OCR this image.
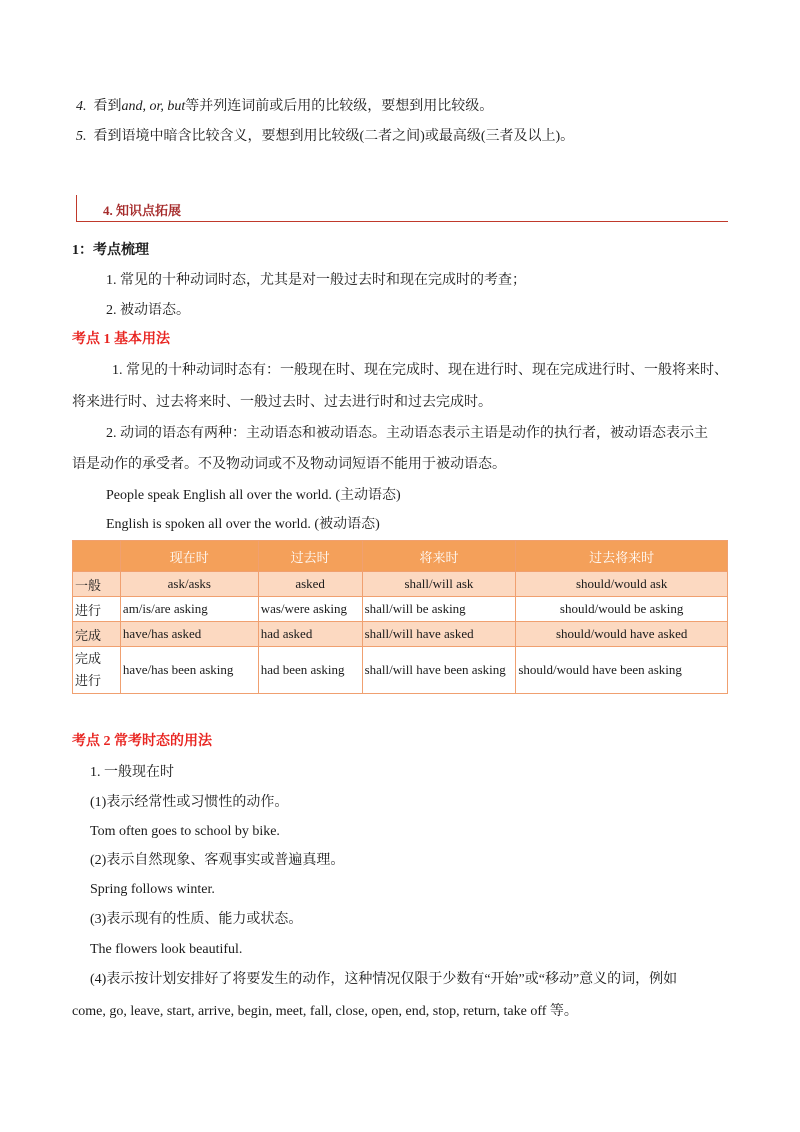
4. 看到and, or, but等并列连词前或后用的比较级，要想到用比较级。
5. 看到语境中暗含比较含义，要想到用比较级(二者之间)或最高级(三者及以上)。
4. 知识点拓展
1：考点梳理
1. 常见的十种动词时态，尤其是对一般过去时和现在完成时的考查；
2. 被动语态。
考点 1 基本用法
1. 常见的十种动词时态有：一般现在时、现在完成时、现在进行时、现在完成进行时、一般将来时、
将来进行时、过去将来时、一般过去时、过去进行时和过去完成时。
2. 动词的语态有两种：主动语态和被动语态。主动语态表示主语是动作的执行者，被动语态表示主
语是动作的承受者。不及物动词或不及物动词短语不能用于被动语态。
People speak English all over the world. (主动语态)
English is spoken all over the world. (被动语态)
	现在时	过去时	将来时	过去将来时
一般	ask/asks	asked	shall/will ask	should/would ask
进行	am/is/are asking	was/were asking	shall/will be asking	should/would be asking
完成	have/has asked	had asked	shall/will have asked	should/would have asked
完成
进行	have/has been asking	had been asking	shall/will have been asking	should/would have been asking
考点 2 常考时态的用法
1. 一般现在时
(1)表示经常性或习惯性的动作。
Tom often goes to school by bike.
(2)表示自然现象、客观事实或普遍真理。
Spring follows winter.
(3)表示现有的性质、能力或状态。
The flowers look beautiful.
(4)表示按计划安排好了将要发生的动作，这种情况仅限于少数有“开始”或“移动”意义的词，例如
come, go, leave, start, arrive, begin, meet, fall, close, open, end, stop, return, take off 等。
